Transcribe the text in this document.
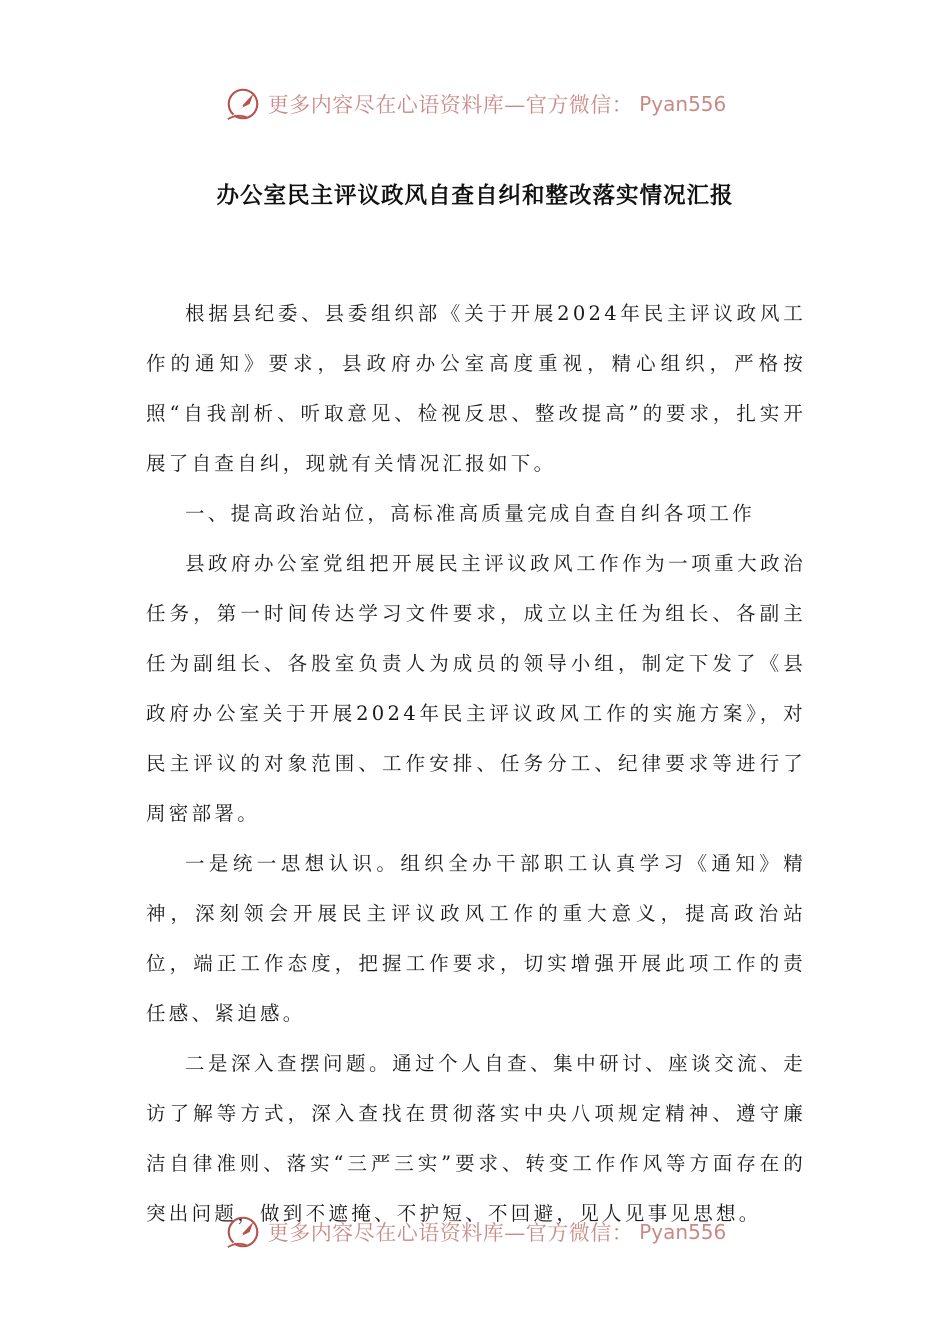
更多内容尽在心语资料库—官方微信： Pyan556
办公室民主评议政风自查自纠和整改落实情况汇报

根据县纪委、县委组织部《关于开展2024年民主评议政风工作的通知》要求，县政府办公室高度重视，精心组织，严格按照“自我剖析、听取意见、检视反思、整改提高”的要求，扎实开展了自查自纠，现就有关情况汇报如下。

一、提高政治站位，高标准高质量完成自查自纠各项工作

县政府办公室党组把开展民主评议政风工作作为一项重大政治任务，第一时间传达学习文件要求，成立以主任为组长、各副主任为副组长、各股室负责人为成员的领导小组，制定下发了《县政府办公室关于开展2024年民主评议政风工作的实施方案》，对民主评议的对象范围、工作安排、任务分工、纪律要求等进行了周密部署。

一是统一思想认识。组织全办干部职工认真学习《通知》精神，深刻领会开展民主评议政风工作的重大意义，提高政治站位，端正工作态度，把握工作要求，切实增强开展此项工作的责任感、紧迫感。

二是深入查摆问题。通过个人自查、集中研讨、座谈交流、走访了解等方式，深入查找在贯彻落实中央八项规定精神、遵守廉洁自律准则、落实“三严三实”要求、转变工作作风等方面存在的突出问题，做到不遮掩、不护短、不回避，见人见事见思想。

更多内容尽在心语资料库—官方微信： Pyan556
